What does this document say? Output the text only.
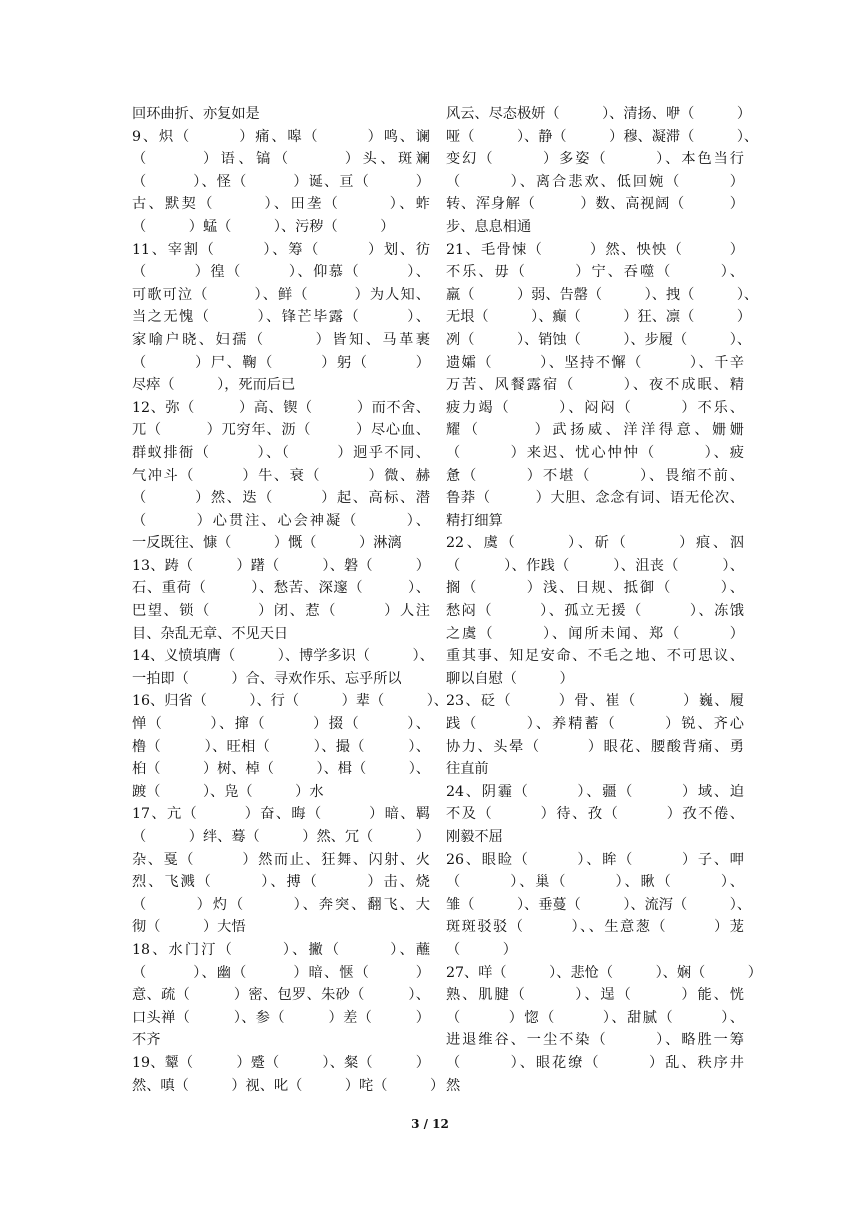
回环曲折、亦复如是
9、炽（　　　）痛、嗥（　　　）鸣、谰
（　　　）语、镐（　　　）头、斑斓
（　　　）、怪（　　　）诞、亘（　　　）
古、默契（　　　）、田垄（　　　）、蚱
（　　　）蜢（　　　）、污秽（　　　）
11、宰割（　　　）、筹（　　　）划、彷
（　　　）徨（　　　）、仰慕（　　　）、
可歌可泣（　　　）、鲜（　　　）为人知、
当之无愧（　　　）、锋芒毕露（　　　）、
家喻户晓、妇孺（　　　）皆知、马革裹
（　　　）尸、鞠（　　　）躬（　　　）
尽瘁（　　　），死而后已
12、弥（　　　）高、锲（　　　）而不舍、
兀（　　　）兀穷年、沥（　　　）尽心血、
群蚁排衙（　　　）、（　　　）迥乎不同、
气冲斗（　　　）牛、衰（　　　）微、赫
（　　　）然、迭（　　　）起、高标、潜
（　　　）心贯注、心会神凝（　　　）、
一反既往、慷（　　　）慨（　　　）淋漓
13、踌（　　　）躇（　　　）、磐（　　　）
石、重荷（　　　）、愁苦、深邃（　　　）、
巴望、锁（　　　）闭、惹（　　　）人注
目、杂乱无章、不见天日
14、义愤填膺（　　　）、博学多识（　　　）、
一拍即（　　　）合、寻欢作乐、忘乎所以
16、归省（　　　）、行（　　　）辈（　　　）、
惮（　　　）、撺（　　　）掇（　　　）、
橹（　　　）、旺相（　　　）、撮（　　　）、
桕（　　　）树、棹（　　　）、楫（　　　）、
踱（　　　）、凫（　　　）水
17、亢（　　　）奋、晦（　　　）暗、羁
（　　　）绊、蓦（　　　）然、冗（　　　）
杂、戛（　　　）然而止、狂舞、闪射、火
烈、飞溅（　　　）、搏（　　　）击、烧
（　　　）灼（　　　）、奔突、翻飞、大
彻（　　　）大悟
18、水门汀（　　　）、撇（　　　）、蘸
（　　　）、幽（　　　）暗、惬（　　　）
意、疏（　　　）密、包罗、朱砂（　　　）、
口头禅（　　　）、参（　　　）差（　　　）
不齐
19、颦（　　　）蹙（　　　）、粲（　　　）
然、嗔（　　　）视、叱（　　　）咤（　　　）
风云、尽态极妍（　　　）、清扬、咿（　　　）
哑（　　　）、静（　　　）穆、凝滞（　　　）、
变幻（　　　）多姿（　　　）、本色当行
（　　　）、离合悲欢、低回婉（　　　）
转、浑身解（　　　）数、高视阔（　　　）
步、息息相通
21、毛骨悚（　　　）然、怏怏（　　　）
不乐、毋（　　　）宁、吞噬（　　　）、
羸（　　　）弱、告罄（　　　）、拽（　　　）、
无垠（　　　）、癫（　　　）狂、凛（　　　）
冽（　　　）、销蚀（　　　）、步履（　　　）、
遗孀（　　　）、坚持不懈（　　　）、千辛
万苦、风餐露宿（　　　）、夜不成眠、精
疲力竭（　　　）、闷闷（　　　）不乐、
耀（　　　）武扬威、洋洋得意、姗姗
（　　　）来迟、忧心忡忡（　　　）、疲
惫（　　　）不堪（　　　）、畏缩不前、
鲁莽（　　　）大胆、念念有词、语无伦次、
精打细算
22、虞（　　　）、斫（　　　）痕、泅
（　　　）、作践（　　　）、沮丧（　　　）、
搁（　　　）浅、日规、抵御（　　　）、
愁闷（　　　）、孤立无援（　　　）、冻饿
之虞（　　　）、闻所未闻、郑（　　　）
重其事、知足安命、不毛之地、不可思议、
聊以自慰（　　　）
23、砭（　　　）骨、崔（　　　）巍、履
践（　　　）、养精蓄（　　　）锐、齐心
协力、头晕（　　　）眼花、腰酸背痛、勇
往直前
24、阴霾（　　　）、疆（　　　）域、迫
不及（　　　）待、孜（　　　）孜不倦、
刚毅不屈
26、眼睑（　　　）、眸（　　　）子、呷
（　　　）、巢（　　　）、瞅（　　　）、
雏（　　　）、垂蔓（　　　）、流泻（　　　）、
斑斑驳驳（　　　）、、生意葱（　　　）茏
（　　　）
27、咩（　　　）、悲怆（　　　）、娴（　　　）
熟、肌腱（　　　）、逞（　　　）能、恍
（　　　）惚（　　　）、甜腻（　　　）、
进退维谷、一尘不染（　　　）、略胜一筹
（　　　）、眼花缭（　　　）乱、秩序井
然
3 / 12
